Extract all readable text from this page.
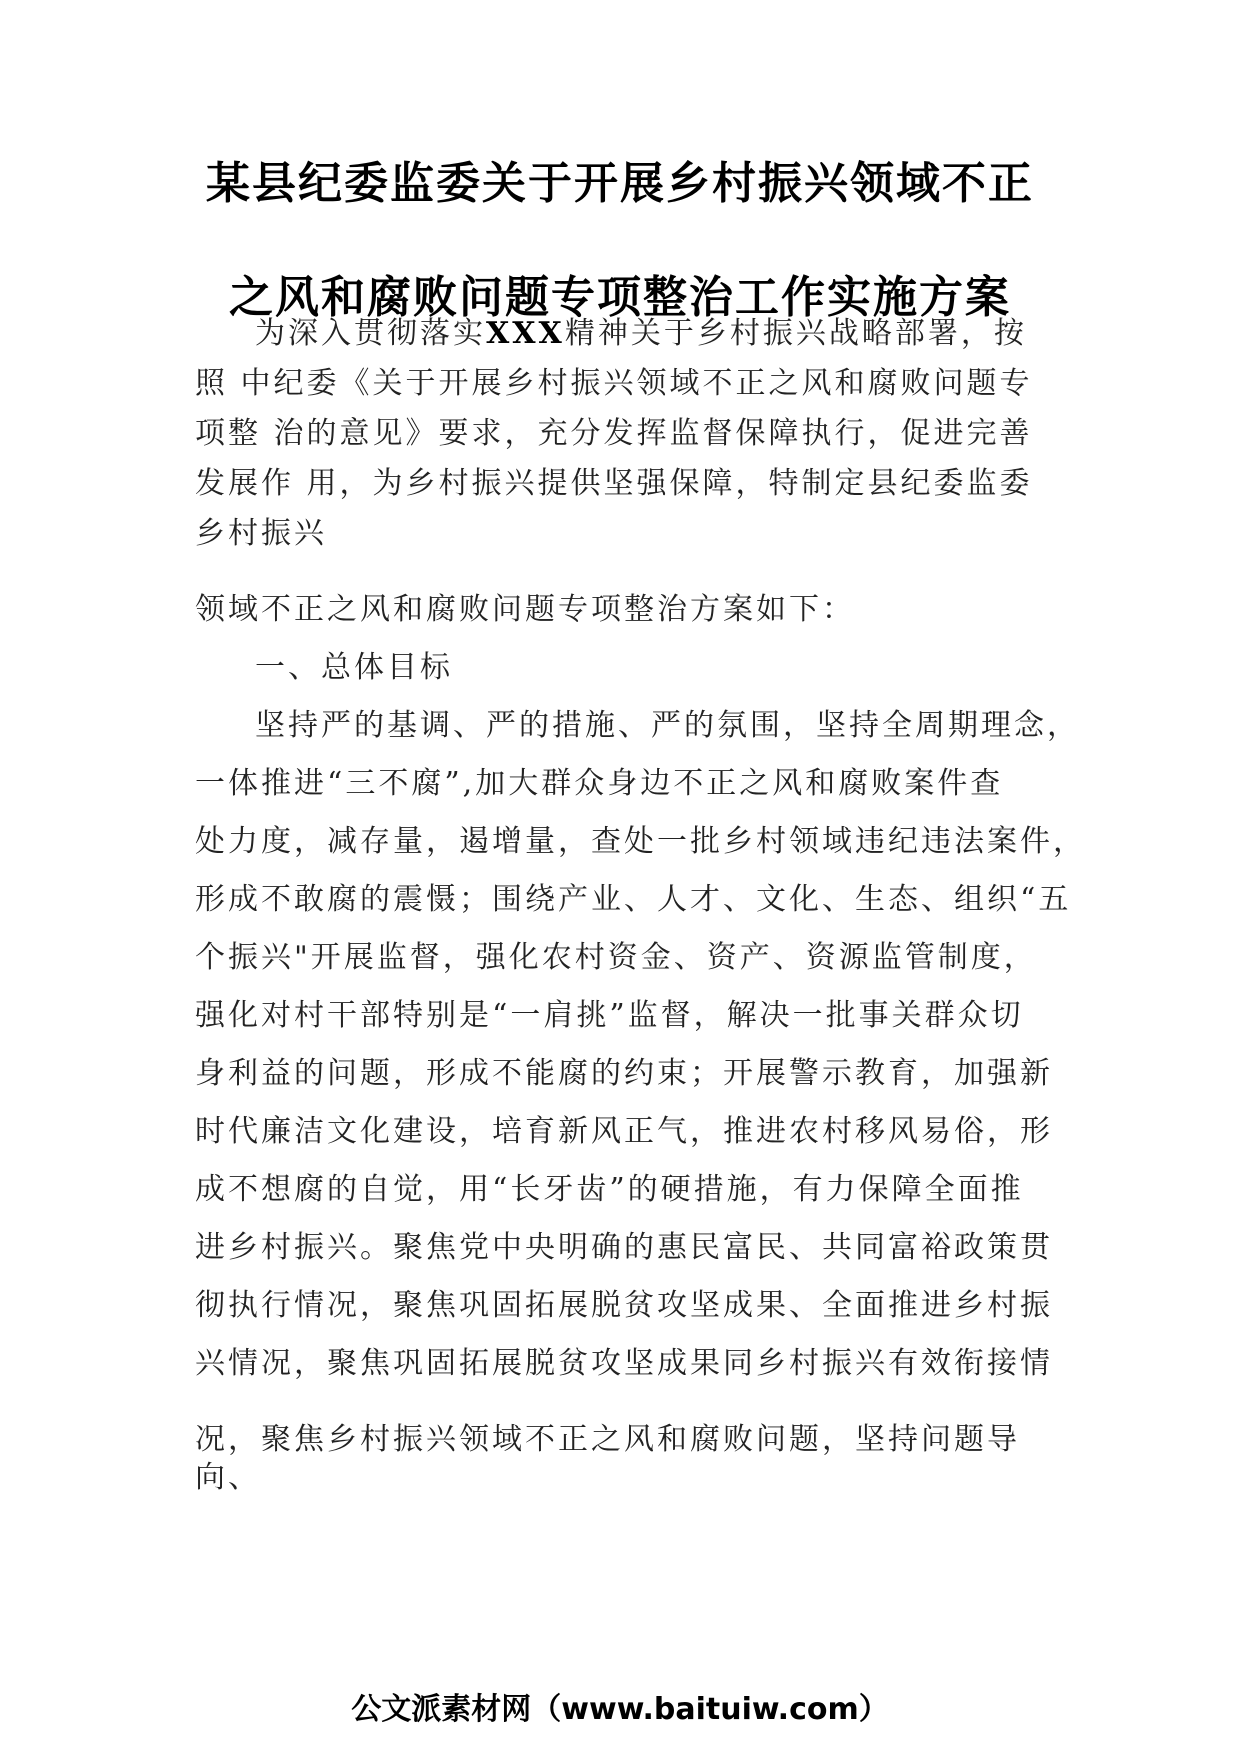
某县纪委监委关于开展乡村振兴领域不正
之风和腐败问题专项整治工作实施方案
为深入贯彻落实XXX精神关于乡村振兴战略部署，按
照 中纪委《关于开展乡村振兴领域不正之风和腐败问题专
项整 治的意见》要求，充分发挥监督保障执行，促进完善
发展作 用，为乡村振兴提供坚强保障，特制定县纪委监委
乡村振兴
领域不正之风和腐败问题专项整治方案如下：
一、总体目标
坚持严的基调、严的措施、严的氛围，坚持全周期理念，
一体推进“三不腐”,加大群众身边不正之风和腐败案件查
处力度，减存量，遏增量，查处一批乡村领域违纪违法案件，
形成不敢腐的震慑；围绕产业、人才、文化、生态、组织“五
个振兴"开展监督，强化农村资金、资产、资源监管制度，
强化对村干部特别是“一肩挑”监督，解决一批事关群众切
身利益的问题，形成不能腐的约束；开展警示教育，加强新
时代廉洁文化建设，培育新风正气，推进农村移风易俗，形
成不想腐的自觉，用“长牙齿”的硬措施，有力保障全面推
进乡村振兴。聚焦党中央明确的惠民富民、共同富裕政策贯
彻执行情况，聚焦巩固拓展脱贫攻坚成果、全面推进乡村振
兴情况，聚焦巩固拓展脱贫攻坚成果同乡村振兴有效衔接情
况，聚焦乡村振兴领域不正之风和腐败问题，坚持问题导
向、
公文派素材网（www.baituiw.com）
